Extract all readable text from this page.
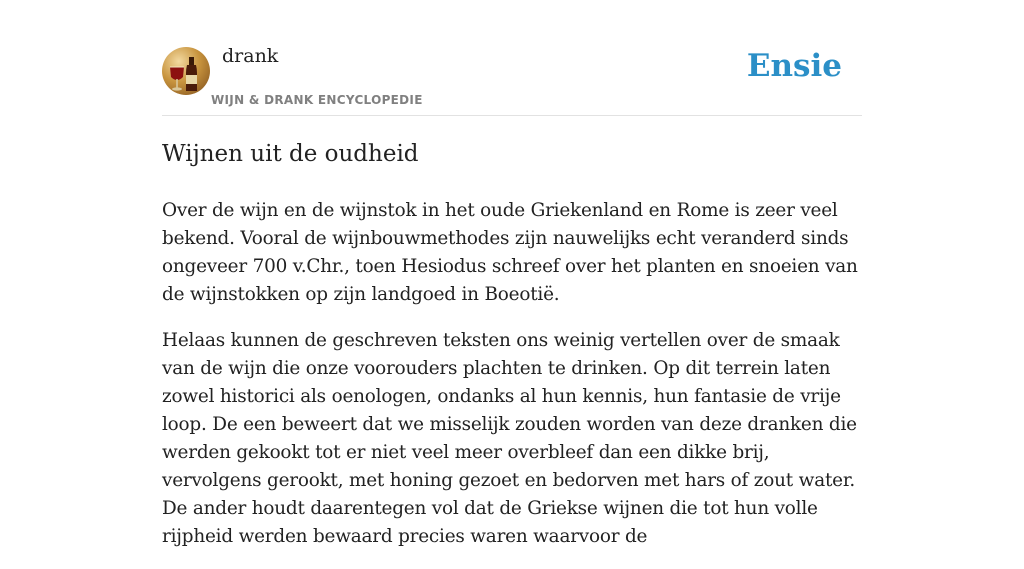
drank
WIJN & DRANK ENCYCLOPEDIE
Ensie
Wijnen uit de oudheid

Over de wijn en de wijnstok in het oude Griekenland en Rome is zeer veel bekend. Vooral de wijnbouwmethodes zijn nauwelijks echt veranderd sinds ongeveer 700 v.Chr., toen Hesiodus schreef over het planten en snoeien van de wijnstokken op zijn landgoed in Boeotië.

Helaas kunnen de geschreven teksten ons weinig vertellen over de smaak van de wijn die onze voorouders plachten te drinken. Op dit terrein laten zowel historici als oenologen, ondanks al hun kennis, hun fantasie de vrije loop. De een beweert dat we misselijk zouden worden van deze dranken die werden gekookt tot er niet veel meer overbleef dan een dikke brij, vervolgens gerookt, met honing gezoet en bedorven met hars of zout water. De ander houdt daarentegen vol dat de Griekse wijnen die tot hun volle rijpheid werden bewaard precies waren waarvoor de
